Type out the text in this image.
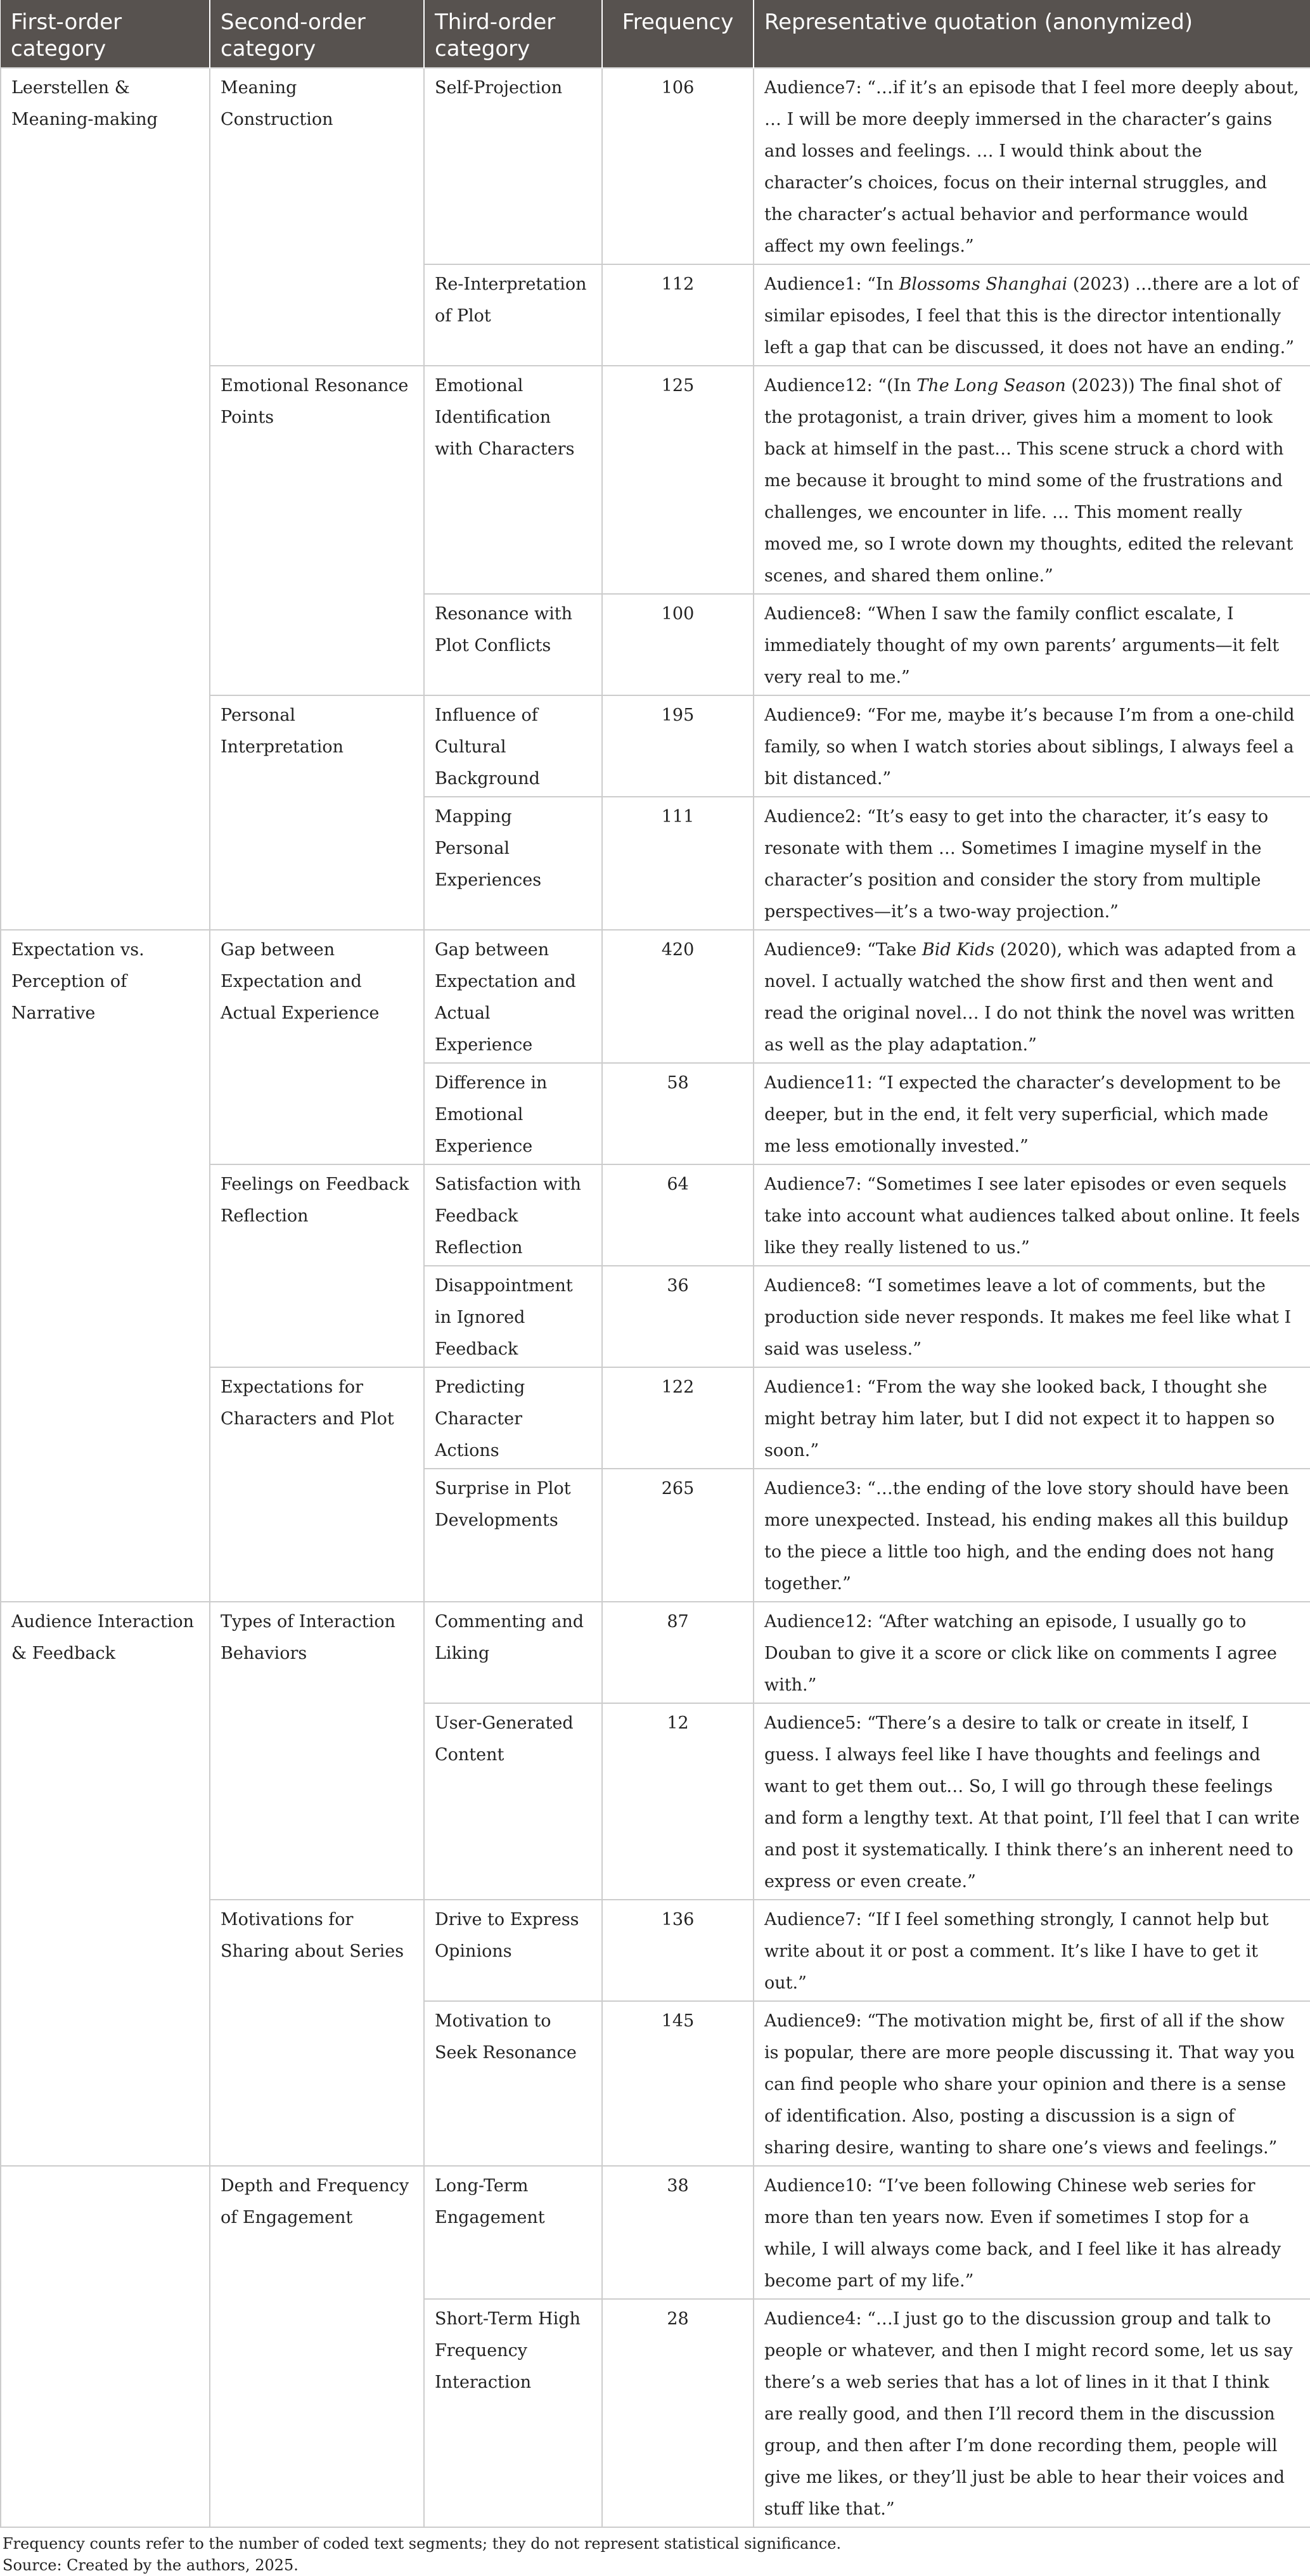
First-order category	Second-order category	Third-order category	Frequency	Representative quotation (anonymized)
Leerstellen & Meaning-making	Meaning Construction	Self-Projection	106	Audience7: “…if it’s an episode that I feel more deeply about, … I will be more deeply immersed in the character’s gains and losses and feelings. … I would think about the character’s choices, focus on their internal struggles, and the character’s actual behavior and performance would affect my own feelings.”
		Re-Interpretation of Plot	112	Audience1: “In Blossoms Shanghai (2023) …there are a lot of similar episodes, I feel that this is the director intentionally left a gap that can be discussed, it does not have an ending.”
	Emotional Resonance Points	Emotional Identification with Characters	125	Audience12: “(In The Long Season (2023)) The final shot of the protagonist, a train driver, gives him a moment to look back at himself in the past… This scene struck a chord with me because it brought to mind some of the frustrations and challenges, we encounter in life. … This moment really moved me, so I wrote down my thoughts, edited the relevant scenes, and shared them online.”
		Resonance with Plot Conflicts	100	Audience8: “When I saw the family conflict escalate, I immediately thought of my own parents’ arguments—it felt very real to me.”
	Personal Interpretation	Influence of Cultural Background	195	Audience9: “For me, maybe it’s because I’m from a one-child family, so when I watch stories about siblings, I always feel a bit distanced.”
		Mapping Personal Experiences	111	Audience2: “It’s easy to get into the character, it’s easy to resonate with them … Sometimes I imagine myself in the character’s position and consider the story from multiple perspectives—it’s a two-way projection.”
Expectation vs. Perception of Narrative	Gap between Expectation and Actual Experience	Gap between Expectation and Actual Experience	420	Audience9: “Take Bid Kids (2020), which was adapted from a novel. I actually watched the show first and then went and read the original novel… I do not think the novel was written as well as the play adaptation.”
		Difference in Emotional Experience	58	Audience11: “I expected the character’s development to be deeper, but in the end, it felt very superficial, which made me less emotionally invested.”
	Feelings on Feedback Reflection	Satisfaction with Feedback Reflection	64	Audience7: “Sometimes I see later episodes or even sequels take into account what audiences talked about online. It feels like they really listened to us.”
		Disappointment in Ignored Feedback	36	Audience8: “I sometimes leave a lot of comments, but the production side never responds. It makes me feel like what I said was useless.”
	Expectations for Characters and Plot	Predicting Character Actions	122	Audience1: “From the way she looked back, I thought she might betray him later, but I did not expect it to happen so soon.”
		Surprise in Plot Developments	265	Audience3: “…the ending of the love story should have been more unexpected. Instead, his ending makes all this buildup to the piece a little too high, and the ending does not hang together.”
Audience Interaction & Feedback	Types of Interaction Behaviors	Commenting and Liking	87	Audience12: “After watching an episode, I usually go to Douban to give it a score or click like on comments I agree with.”
		User-Generated Content	12	Audience5: “There’s a desire to talk or create in itself, I guess. I always feel like I have thoughts and feelings and want to get them out… So, I will go through these feelings and form a lengthy text. At that point, I’ll feel that I can write and post it systematically. I think there’s an inherent need to express or even create.”
	Motivations for Sharing about Series	Drive to Express Opinions	136	Audience7: “If I feel something strongly, I cannot help but write about it or post a comment. It’s like I have to get it out.”
		Motivation to Seek Resonance	145	Audience9: “The motivation might be, first of all if the show is popular, there are more people discussing it. That way you can find people who share your opinion and there is a sense of identification. Also, posting a discussion is a sign of sharing desire, wanting to share one’s views and feelings.”
	Depth and Frequency of Engagement	Long-Term Engagement	38	Audience10: “I’ve been following Chinese web series for more than ten years now. Even if sometimes I stop for a while, I will always come back, and I feel like it has already become part of my life.”
		Short-Term High Frequency Interaction	28	Audience4: “…I just go to the discussion group and talk to people or whatever, and then I might record some, let us say there’s a web series that has a lot of lines in it that I think are really good, and then I’ll record them in the discussion group, and then after I’m done recording them, people will give me likes, or they’ll just be able to hear their voices and stuff like that.”
Frequency counts refer to the number of coded text segments; they do not represent statistical significance.
Source: Created by the authors, 2025.
